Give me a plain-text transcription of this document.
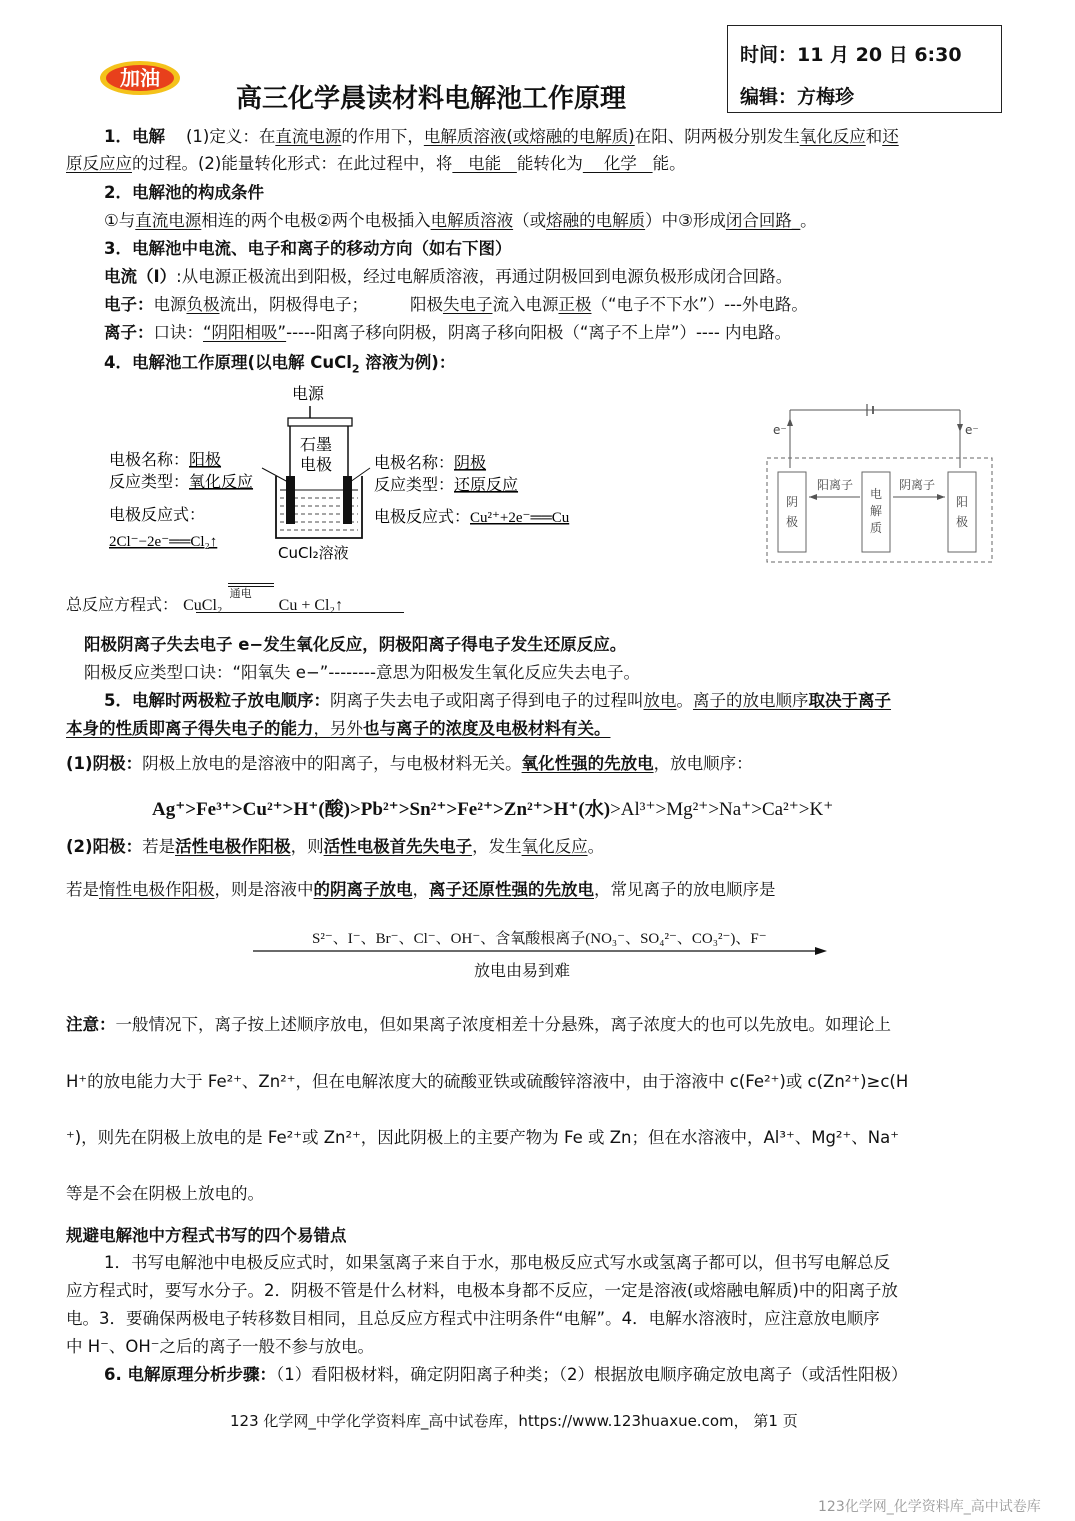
加油
高三化学晨读材料电解池工作原理
时间：11 月 20 日 6:30
编辑：方梅珍
1．电解 (1)定义：在直流电源的作用下，电解质溶液(或熔融的电解质)在阳、阴两极分别发生氧化反应和还
原反应应的过程。(2)能量转化形式：在此过程中，将   电能   能转化为    化学   能。
2．电解池的构成条件
①与直流电源相连的两个电极②两个电极插入电解质溶液（或熔融的电解质）中③形成闭合回路_。
3．电解池中电流、电子和离子的移动方向（如右下图）
电流（I）:从电源正极流出到阳极，经过电解质溶液，再通过阴极回到电源负极形成闭合回路。
电子：电源负极流出，阴极得电子；	阳极失电子流入电源正极（“电子不下水”）---外电路。
离子：口诀：“阴阳相吸”-----阳离子移向阴极，阴离子移向阳极（“离子不上岸”）---- 内电路。
4．电解池工作原理(以电解 CuCl$_2$ 溶液为例)：
电源
石墨
电极
CuCl₂溶液
电极名称：阳极
反应类型：氧化反应
电极反应式：
2Cl⁻−2e⁻══Cl₂↑
电极名称：阴极
反应类型：还原反应
电极反应式：Cu²⁺+2e⁻══Cu
e⁻	e⁻
阴
极
电
解
质
阳
极
阳离子	阴离子
总反应方程式： CuCl₂
通电
Cu + Cl₂↑
阳极阴离子失去电子 e−发生氧化反应，阴极阳离子得电子发生还原反应。
阳极反应类型口诀：“阳氧失 e−”--------意思为阳极发生氧化反应失去电子。
5．电解时两极粒子放电顺序：阴离子失去电子或阳离子得到电子的过程叫放电。离子的放电顺序取决于离子
本身的性质即离子得失电子的能力，另外也与离子的浓度及电极材料有关。
(1)阴极：阴极上放电的是溶液中的阳离子，与电极材料无关。氧化性强的先放电，放电顺序：
Ag⁺>Fe³⁺>Cu²⁺>H⁺(酸)>Pb²⁺>Sn²⁺>Fe²⁺>Zn²⁺>H⁺(水)>Al³⁺>Mg²⁺>Na⁺>Ca²⁺>K⁺
(2)阳极：若是活性电极作阳极，则活性电极首先失电子，发生氧化反应。
若是惰性电极作阳极，则是溶液中的阴离子放电，离子还原性强的先放电，常见离子的放电顺序是
S²⁻、I⁻、Br⁻、Cl⁻、OH⁻、含氧酸根离子(NO₃⁻、SO₄²⁻、CO₃²⁻)、F⁻
放电由易到难
注意：一般情况下，离子按上述顺序放电，但如果离子浓度相差十分悬殊，离子浓度大的也可以先放电。如理论上
H⁺的放电能力大于 Fe²⁺、Zn²⁺，但在电解浓度大的硫酸亚铁或硫酸锌溶液中，由于溶液中 c(Fe²⁺)或 c(Zn²⁺)≥c(H
⁺)，则先在阴极上放电的是 Fe²⁺或 Zn²⁺，因此阴极上的主要产物为 Fe 或 Zn；但在水溶液中，Al³⁺、Mg²⁺、Na⁺
等是不会在阴极上放电的。
规避电解池中方程式书写的四个易错点
1．书写电解池中电极反应式时，如果氢离子来自于水，那电极反应式写水或氢离子都可以，但书写电解总反
应方程式时，要写水分子。2．阴极不管是什么材料，电极本身都不反应，一定是溶液(或熔融电解质)中的阳离子放
电。3．要确保两极电子转移数目相同，且总反应方程式中注明条件“电解”。4．电解水溶液时，应注意放电顺序
中 H⁻、OH⁻之后的离子一般不参与放电。
6. 电解原理分析步骤：（1）看阳极材料，确定阴阳离子种类；（2）根据放电顺序确定放电离子（或活性阳极）
123 化学网_中学化学资料库_高中试卷库，https://www.123huaxue.com， 第1 页
123化学网_化学资料库_高中试卷库
